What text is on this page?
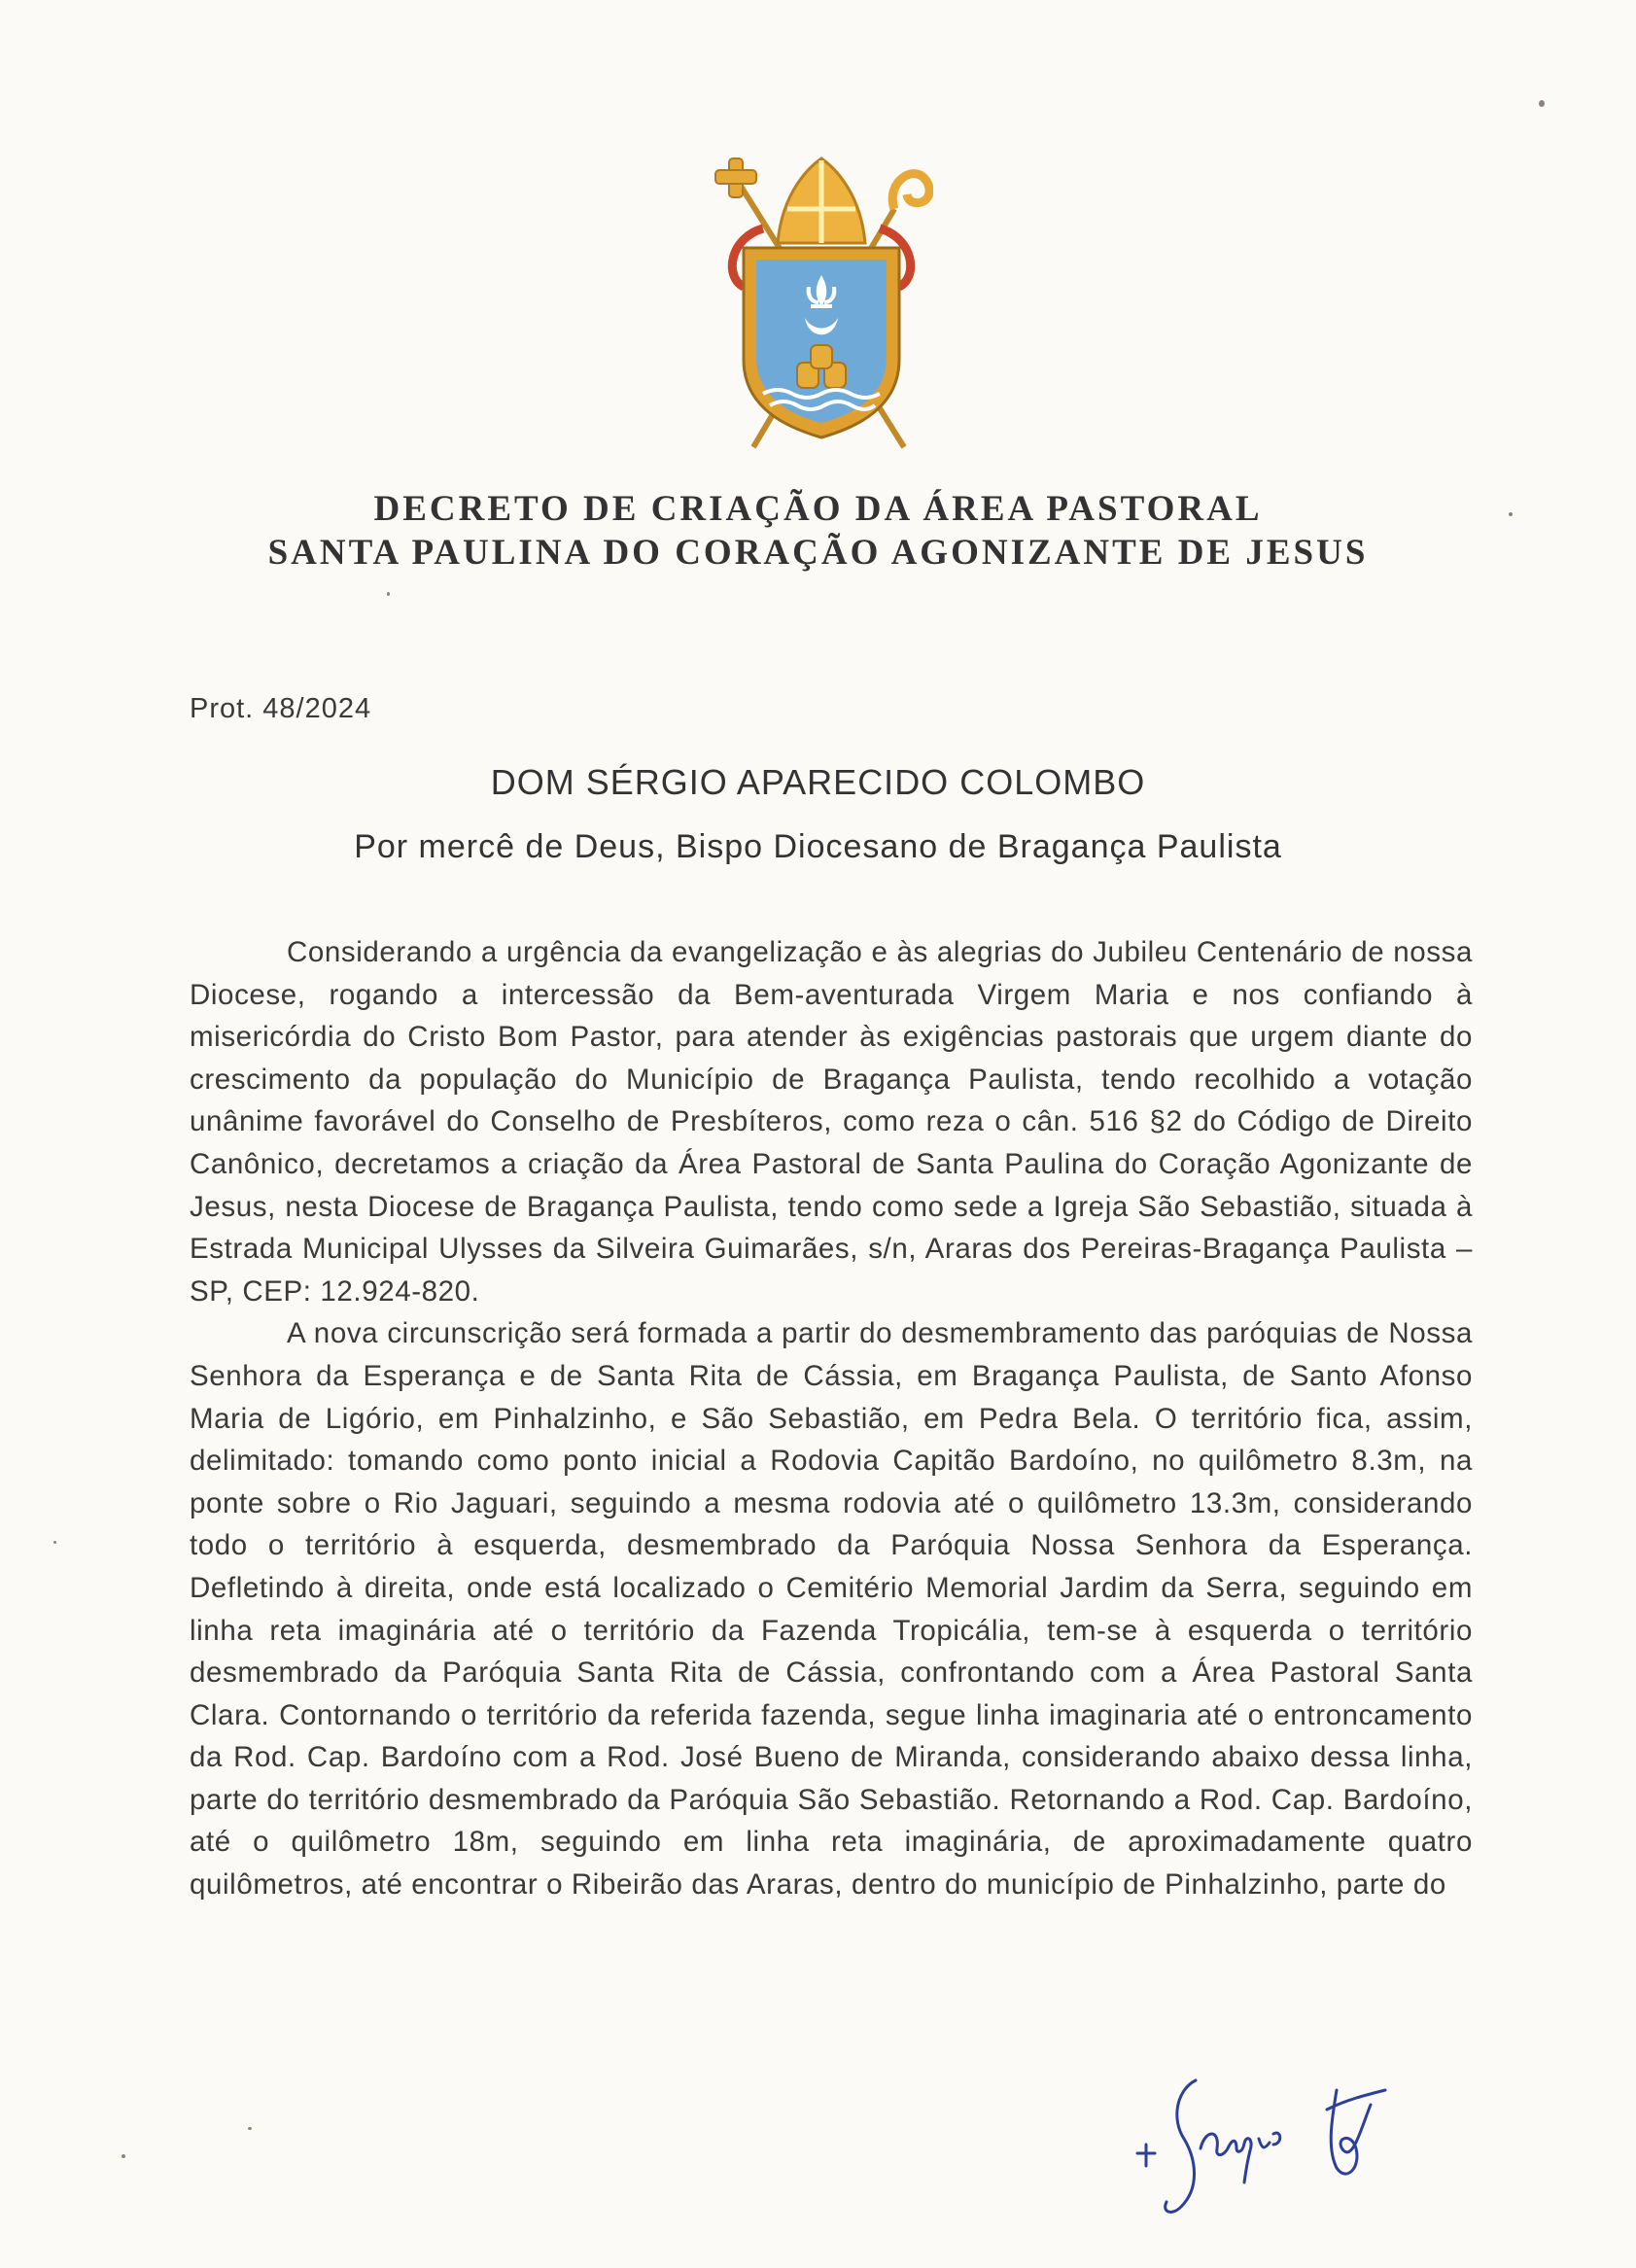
DECRETO DE CRIAÇÃO DA ÁREA PASTORAL
SANTA PAULINA DO CORAÇÃO AGONIZANTE DE JESUS
Prot. 48/2024
DOM SÉRGIO APARECIDO COLOMBO
Por mercê de Deus, Bispo Diocesano de Bragança Paulista

Considerando a urgência da evangelização e às alegrias do Jubileu Centenário de nossa Diocese, rogando a intercessão da Bem-aventurada Virgem Maria e nos confiando à misericórdia do Cristo Bom Pastor, para atender às exigências pastorais que urgem diante do crescimento da população do Município de Bragança Paulista, tendo recolhido a votação unânime favorável do Conselho de Presbíteros, como reza o cân. 516 §2 do Código de Direito Canônico, decretamos a criação da Área Pastoral de Santa Paulina do Coração Agonizante de Jesus, nesta Diocese de Bragança Paulista, tendo como sede a Igreja São Sebastião, situada à Estrada Municipal Ulysses da Silveira Guimarães, s/n, Araras dos Pereiras-Bragança Paulista – SP, CEP: 12.924-820.

A nova circunscrição será formada a partir do desmembramento das paróquias de Nossa Senhora da Esperança e de Santa Rita de Cássia, em Bragança Paulista, de Santo Afonso Maria de Ligório, em Pinhalzinho, e São Sebastião, em Pedra Bela. O território fica, assim, delimitado: tomando como ponto inicial a Rodovia Capitão Bardoíno, no quilômetro 8.3m, na ponte sobre o Rio Jaguari, seguindo a mesma rodovia até o quilômetro 13.3m, considerando todo o território à esquerda, desmembrado da Paróquia Nossa Senhora da Esperança. Defletindo à direita, onde está localizado o Cemitério Memorial Jardim da Serra, seguindo em linha reta imaginária até o território da Fazenda Tropicália, tem-se à esquerda o território desmembrado da Paróquia Santa Rita de Cássia, confrontando com a Área Pastoral Santa Clara. Contornando o território da referida fazenda, segue linha imaginaria até o entroncamento da Rod. Cap. Bardoíno com a Rod. José Bueno de Miranda, considerando abaixo dessa linha, parte do território desmembrado da Paróquia São Sebastião. Retornando a Rod. Cap. Bardoíno, até o quilômetro 18m, seguindo em linha reta imaginária, de aproximadamente quatro quilômetros, até encontrar o Ribeirão das Araras, dentro do município de Pinhalzinho, parte do
